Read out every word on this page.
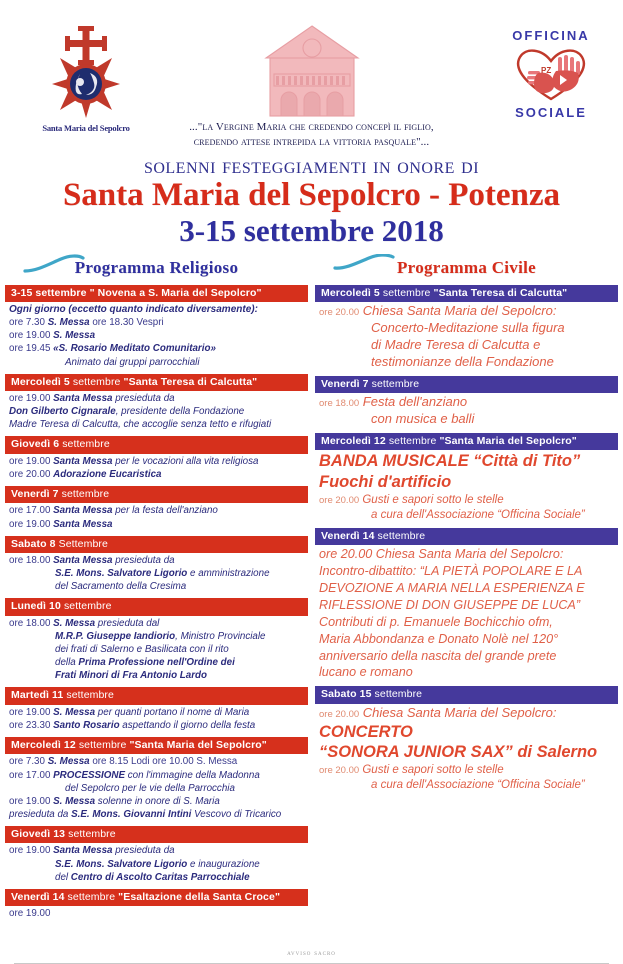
Santa Maria del Sepolcro	..."la Vergine Maria che credendo concepì il figlio,
credendo attese intrepida la vittoria pasquale"...
OFFICINA
PZ
SOCIALE
solenni festeggiamenti in onore di
Santa Maria del Sepolcro - Potenza
3-15 settembre 2018
Programma Religioso
3-15 settembre " Novena a S. Maria del Sepolcro"
Ogni giorno (eccetto quanto indicato diversamente):
ore 7.30 S. Messa ore 18.30 Vespri
ore 19.00 S. Messa
ore 19.45 «S. Rosario Meditato Comunitario»
Animato dai gruppi parrocchiali
Mercoledì 5 settembre "Santa Teresa di Calcutta"
ore 19.00 Santa Messa presieduta da
Don Gilberto Cignarale, presidente della Fondazione
Madre Teresa di Calcutta, che accoglie senza tetto e rifugiati
Giovedì 6 settembre
ore 19.00 Santa Messa per le vocazioni alla vita religiosa
ore 20.00 Adorazione Eucaristica
Venerdì 7 settembre
ore 17.00 Santa Messa per la festa dell'anziano
ore 19.00 Santa Messa
Sabato 8 Settembre
ore 18.00 Santa Messa presieduta da
S.E. Mons. Salvatore Ligorio e amministrazione
del Sacramento della Cresima
Lunedì 10 settembre
ore 18.00 S. Messa presieduta dal
M.R.P. Giuseppe Iandiorio, Ministro Provinciale
dei frati di Salerno e Basilicata con il rito
della Prima Professione nell'Ordine dei
Frati Minori di Fra Antonio Lardo
Martedì 11 settembre
ore 19.00 S. Messa per quanti portano il nome di Maria
ore 23.30 Santo Rosario aspettando il giorno della festa
Mercoledì 12 settembre "Santa Maria del Sepolcro"
ore 7.30 S. Messa ore 8.15 Lodi ore 10.00 S. Messa
ore 17.00 PROCESSIONE con l'immagine della Madonna
del Sepolcro per le vie della Parrocchia
ore 19.00 S. Messa solenne in onore di S. Maria
presieduta da S.E. Mons. Giovanni Intini Vescovo di Tricarico
Giovedì 13 settembre
ore 19.00 Santa Messa presieduta da
S.E. Mons. Salvatore Ligorio e inaugurazione
del Centro di Ascolto Caritas Parrocchiale
Venerdì 14 settembre "Esaltazione della Santa Croce"
ore 19.00
Programma Civile
Mercoledì 5 settembre "Santa Teresa di Calcutta"
ore 20.00 Chiesa Santa Maria del Sepolcro:
Concerto-Meditazione sulla figura
di Madre Teresa di Calcutta e
testimonianze della Fondazione
Venerdì 7 settembre
ore 18.00 Festa dell'anziano
con musica e balli
Mercoledì 12 settembre "Santa Maria del Sepolcro"
BANDA MUSICALE “Città di Tito”
Fuochi d'artificio
ore 20.00 Gusti e sapori sotto le stelle
a cura dell'Associazione “Officina Sociale”
Venerdì 14 settembre
ore 20.00 Chiesa Santa Maria del Sepolcro:
Incontro-dibattito: “LA PIETÀ POPOLARE E LA
DEVOZIONE A MARIA NELLA ESPERIENZA E
RIFLESSIONE DI DON GIUSEPPE DE LUCA”
Contributi di p. Emanuele Bochicchio ofm,
Maria Abbondanza e Donato Nolè nel 120°
anniversario della nascita del grande prete
lucano e romano
Sabato 15 settembre
ore 20.00 Chiesa Santa Maria del Sepolcro:
CONCERTO
“SONORA JUNIOR SAX” di Salerno
ore 20.00 Gusti e sapori sotto le stelle
a cura dell'Associazione “Officina Sociale”
avviso sacro
